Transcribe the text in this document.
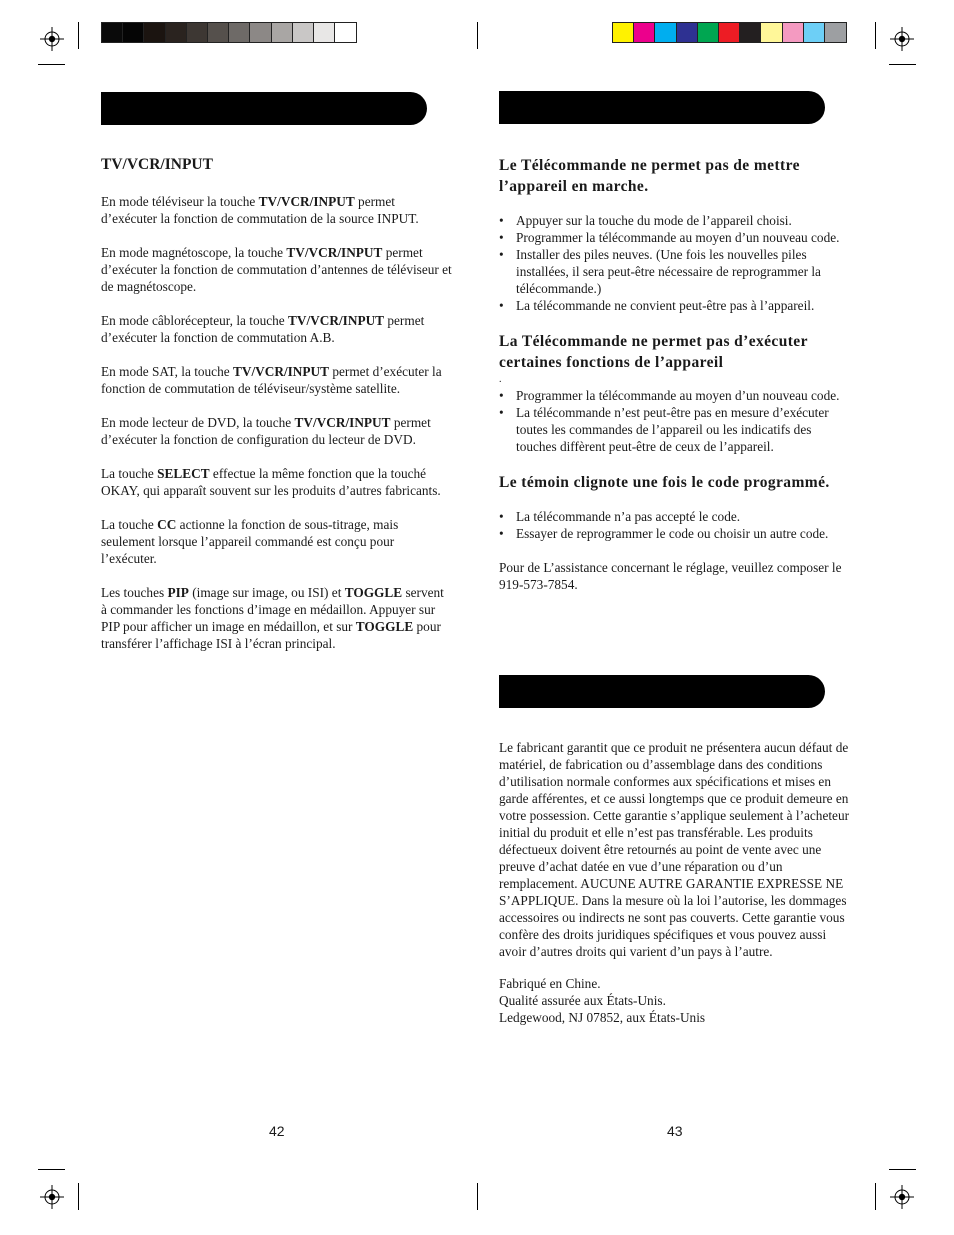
TV/VCR/INPUT

En mode téléviseur la touche TV/VCR/INPUT permet d’exécuter la fonction de commutation de la source INPUT.

En mode magnétoscope, la touche TV/VCR/INPUT permet d’exécuter la fonction de commutation d’antennes de téléviseur et de magnétoscope.

En mode câblorécepteur, la touche TV/VCR/INPUT permet d’exécuter la fonction de commutation A.B.

En mode SAT, la touche TV/VCR/INPUT permet d’exécuter la fonction de commutation de téléviseur/système satellite.

En mode lecteur de DVD, la touche TV/VCR/INPUT permet d’exécuter la fonction de configuration du lecteur de DVD.

La touche SELECT effectue la même fonction que la touché OKAY, qui apparaît souvent sur les produits d’autres fabricants.

La touche CC actionne la fonction de sous-titrage, mais seulement lorsque l’appareil commandé est conçu pour l’exécuter.

Les touches PIP (image sur image, ou ISI) et TOGGLE servent à commander les fonctions d’image en médaillon. Appuyer sur PIP pour afficher un image en médaillon, et sur TOGGLE pour transférer l’affichage ISI à l’écran principal.

42
Le Télécommande ne permet pas de mettre l’appareil en marche.
• Appuyer sur la touche du mode de l’appareil choisi.
• Programmer la télécommande au moyen d’un nouveau code.
• Installer des piles neuves. (Une fois les nouvelles piles installées, il sera peut-être nécessaire de reprogrammer la télécommande.)
• La télécommande ne convient peut-être pas à l’appareil.
La Télécommande ne permet pas d’exécuter certaines fonctions de l’appareil
.
• Programmer la télécommande au moyen d’un nouveau code.
• La télécommande n’est peut-être pas en mesure d’exécuter toutes les commandes de l’appareil ou les indicatifs des touches diffèrent peut-être de ceux de l’appareil.
Le témoin clignote une fois le code programmé.
• La télécommande n’a pas accepté le code.
• Essayer de reprogrammer le code ou choisir un autre code.

Pour de L’assistance concernant le réglage, veuillez composer le 919-573-7854.

Le fabricant garantit que ce produit ne présentera aucun défaut de matériel, de fabrication ou d’assemblage dans des conditions d’utilisation normale conformes aux spécifications et mises en garde afférentes, et ce aussi longtemps que ce produit demeure en votre possession. Cette garantie s’applique seulement à l’acheteur initial du produit et elle n’est pas transférable. Les produits défectueux doivent être retournés au point de vente avec une preuve d’achat datée en vue d’une réparation ou d’un remplacement. AUCUNE AUTRE GARANTIE EXPRESSE NE S’APPLIQUE. Dans la mesure où la loi l’autorise, les dommages accessoires ou indirects ne sont pas couverts. Cette garantie vous confère des droits juridiques spécifiques et vous pouvez aussi avoir d’autres droits qui varient d’un pays à l’autre.

Fabriqué en Chine.
Qualité assurée aux États-Unis.
Ledgewood, NJ 07852, aux États-Unis
43
